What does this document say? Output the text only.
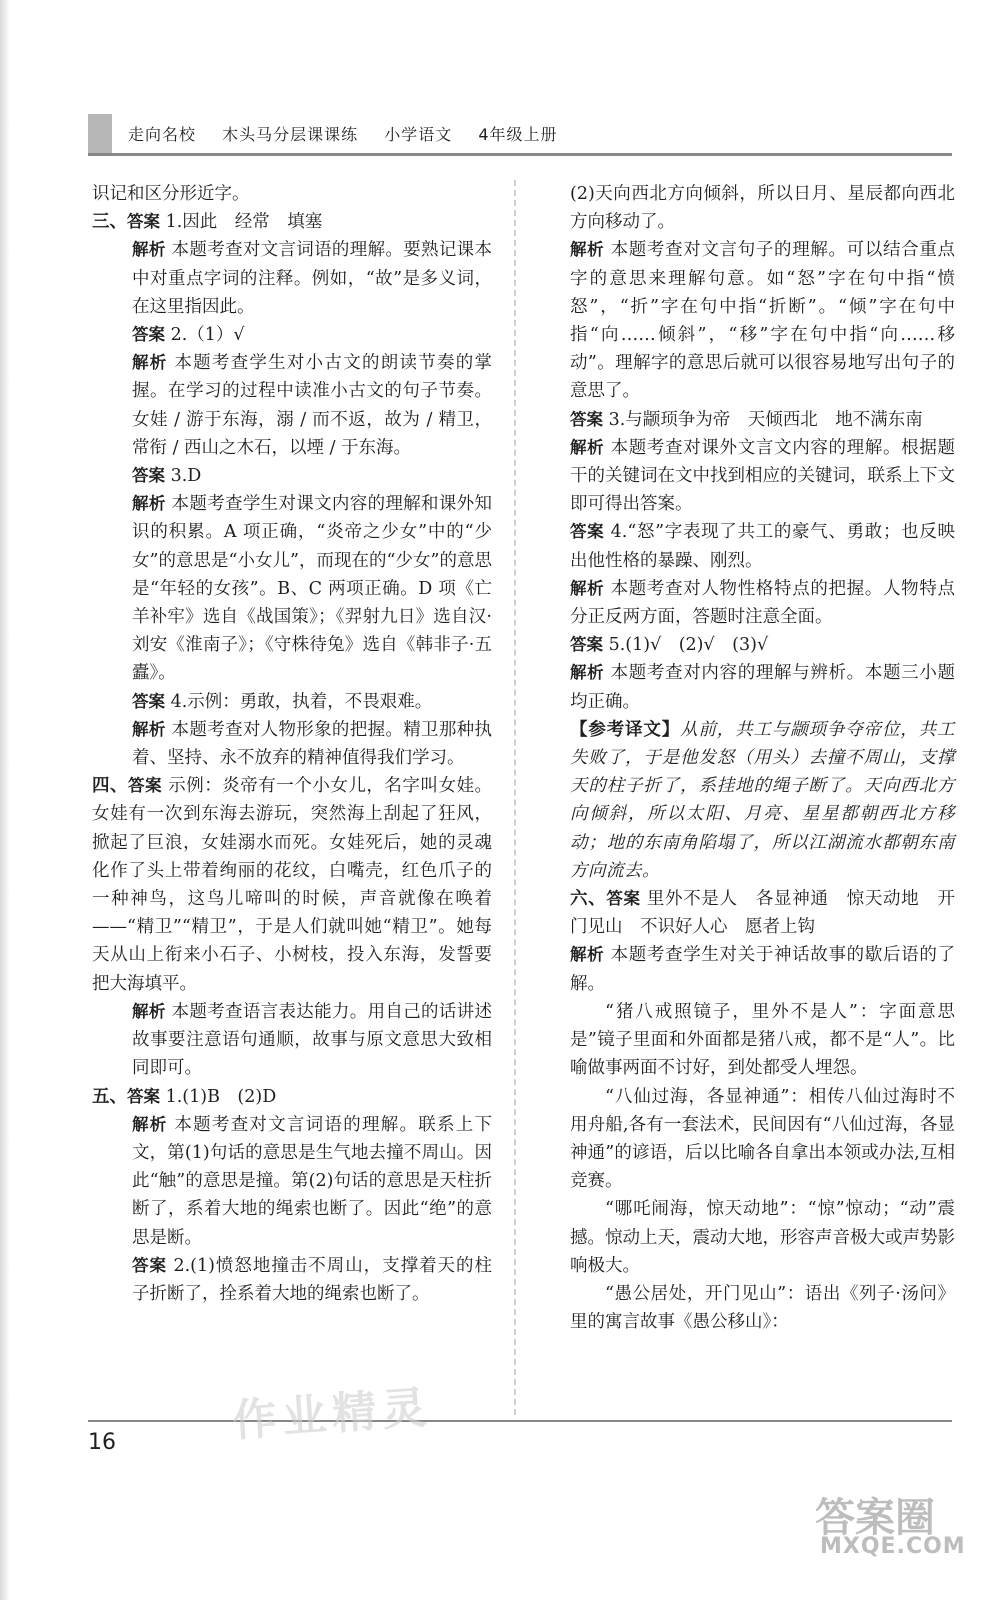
走向名校 木头马分层课课练 小学语文 4年级上册

识记和区分形近字。

三、答案 1.因此　经常　填塞

解析 本题考查对文言词语的理解。要熟记课本中对重点字词的注释。例如，“故”是多义词，在这里指因此。

答案 2.（1）√

解析 本题考查学生对小古文的朗读节奏的掌握。在学习的过程中读准小古文的句子节奏。女娃 / 游于东海，溺 / 而不返，故为 / 精卫，常衔 / 西山之木石，以堙 / 于东海。

答案 3.D

解析 本题考查学生对课文内容的理解和课外知识的积累。A 项正确，“炎帝之少女”中的“少女”的意思是“小女儿”，而现在的“少女”的意思是“年轻的女孩”。B、C 两项正确。D 项《亡羊补牢》选自《战国策》；《羿射九日》选自汉·刘安《淮南子》；《守株待兔》选自《韩非子·五蠹》。

答案 4.示例：勇敢，执着，不畏艰难。

解析 本题考查对人物形象的把握。精卫那种执着、坚持、永不放弃的精神值得我们学习。

四、答案 示例：炎帝有一个小女儿，名字叫女娃。女娃有一次到东海去游玩，突然海上刮起了狂风，掀起了巨浪，女娃溺水而死。女娃死后，她的灵魂化作了头上带着绚丽的花纹，白嘴壳，红色爪子的一种神鸟，这鸟儿啼叫的时候，声音就像在唤着——“精卫”“精卫”，于是人们就叫她“精卫”。她每天从山上衔来小石子、小树枝，投入东海，发誓要把大海填平。

解析 本题考查语言表达能力。用自己的话讲述故事要注意语句通顺，故事与原文意思大致相同即可。

五、答案 1.(1)B　(2)D

解析 本题考查对文言词语的理解。联系上下文，第(1)句话的意思是生气地去撞不周山。因此“触”的意思是撞。第(2)句话的意思是天柱折断了，系着大地的绳索也断了。因此“绝”的意思是断。

答案 2.(1)愤怒地撞击不周山，支撑着天的柱子折断了，拴系着大地的绳索也断了。

(2)天向西北方向倾斜，所以日月、星辰都向西北方向移动了。

解析 本题考查对文言句子的理解。可以结合重点字的意思来理解句意。如“怒”字在句中指“愤怒”，“折”字在句中指“折断”。“倾”字在句中指“向……倾斜”，“移”字在句中指“向……移动”。理解字的意思后就可以很容易地写出句子的意思了。

答案 3.与颛顼争为帝　天倾西北　地不满东南

解析 本题考查对课外文言文内容的理解。根据题干的关键词在文中找到相应的关键词，联系上下文即可得出答案。

答案 4.“怒”字表现了共工的豪气、勇敢；也反映出他性格的暴躁、刚烈。

解析 本题考查对人物性格特点的把握。人物特点分正反两方面，答题时注意全面。

答案 5.(1)√　(2)√　(3)√

解析 本题考查对内容的理解与辨析。本题三小题均正确。

【参考译文】从前，共工与颛顼争夺帝位，共工失败了，于是他发怒（用头）去撞不周山，支撑天的柱子折了，系挂地的绳子断了。天向西北方向倾斜，所以太阳、月亮、星星都朝西北方移动；地的东南角陷塌了，所以江湖流水都朝东南方向流去。

六、答案 里外不是人　各显神通　惊天动地　开门见山　不识好人心　愿者上钩

解析 本题考查学生对关于神话故事的歇后语的了解。

“猪八戒照镜子，里外不是人”：字面意思是”镜子里面和外面都是猪八戒，都不是“人”。比喻做事两面不讨好，到处都受人埋怨。

“八仙过海，各显神通”：相传八仙过海时不用舟船,各有一套法术，民间因有“八仙过海，各显神通”的谚语，后以比喻各自拿出本领或办法,互相竞赛。

“哪吒闹海，惊天动地”：“惊”惊动；“动”震撼。惊动上天，震动大地，形容声音极大或声势影响极大。

“愚公居处，开门见山”：语出《列子·汤问》里的寓言故事《愚公移山》：

16	作业精灵
答案圈
MXQE.COM
